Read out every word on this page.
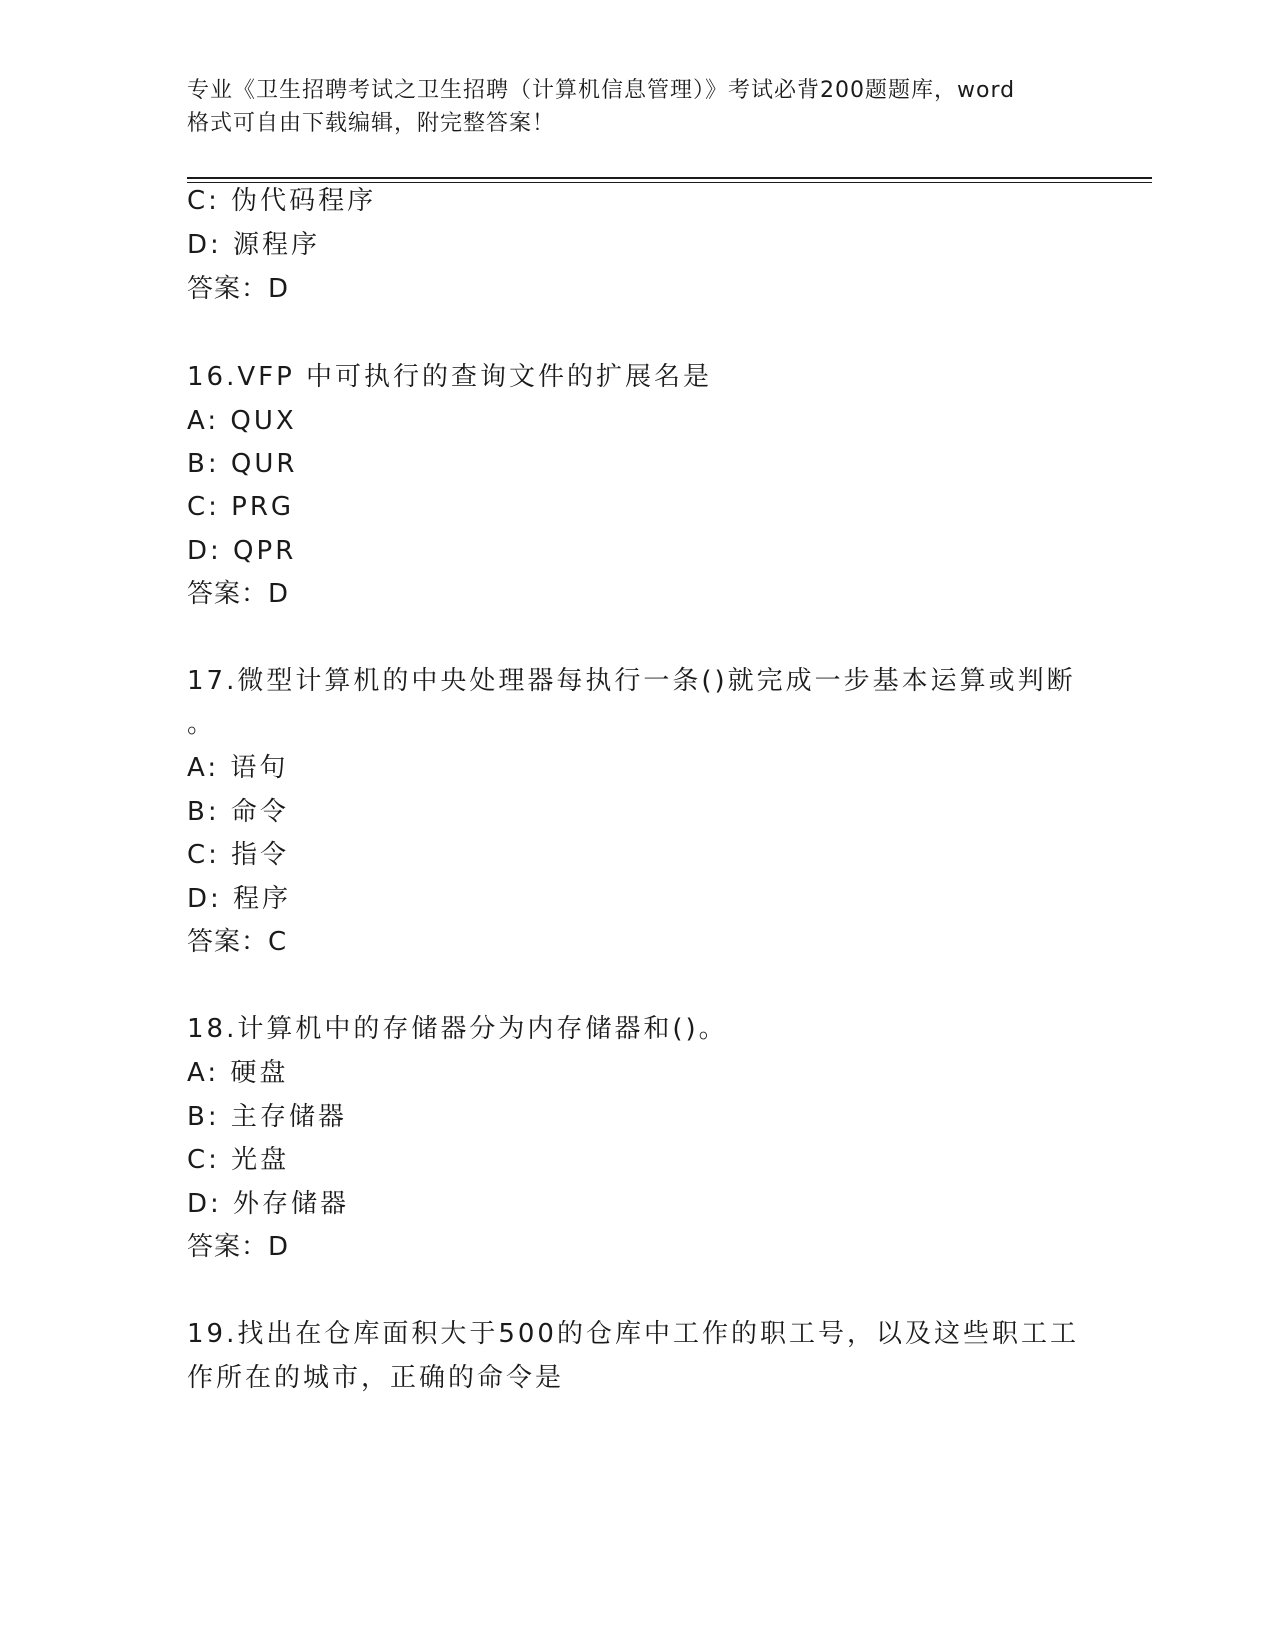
专业《卫生招聘考试之卫生招聘（计算机信息管理）》考试必背200题题库，word
格式可自由下载编辑，附完整答案！
C: 伪代码程序
D: 源程序
答案：D
16.VFP 中可执行的查询文件的扩展名是
A: QUX
B: QUR
C: PRG
D: QPR
答案：D
17.微型计算机的中央处理器每执行一条()就完成一步基本运算或判断
。
A: 语句
B: 命令
C: 指令
D: 程序
答案：C
18.计算机中的存储器分为内存储器和()。
A: 硬盘
B: 主存储器
C: 光盘
D: 外存储器
答案：D
19.找出在仓库面积大于500的仓库中工作的职工号，以及这些职工工
作所在的城市，正确的命令是
